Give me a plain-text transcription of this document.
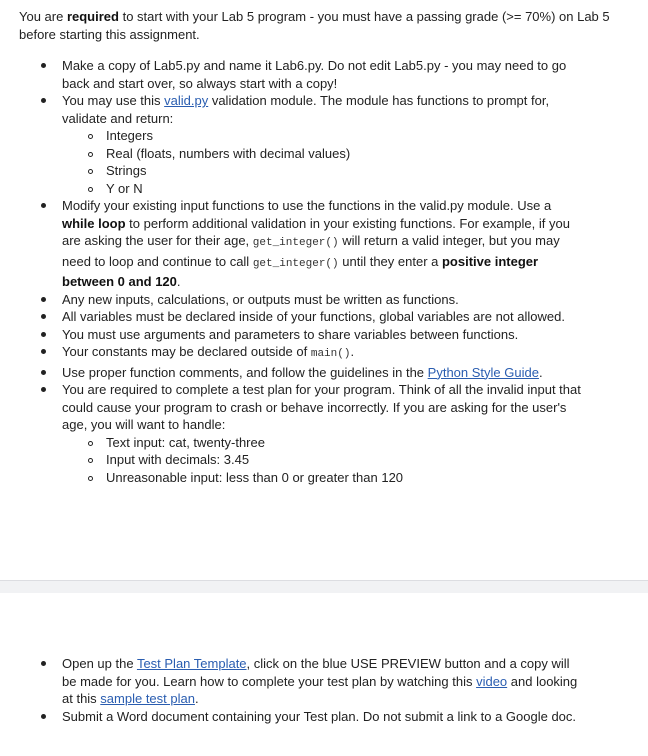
You are required to start with your Lab 5 program - you must have a passing grade (>= 70%) on Lab 5 before starting this assignment.

Make a copy of Lab5.py and name it Lab6.py. Do not edit Lab5.py - you may need to go back and start over, so always start with a copy!
You may use this valid.py validation module. The module has functions to prompt for, validate and return:
Integers
Real (floats, numbers with decimal values)
Strings
Y or N
Modify your existing input functions to use the functions in the valid.py module. Use a while loop to perform additional validation in your existing functions. For example, if you are asking the user for their age, get_integer() will return a valid integer, but you may need to loop and continue to call get_integer() until they enter a positive integer between 0 and 120.
Any new inputs, calculations, or outputs must be written as functions.
All variables must be declared inside of your functions, global variables are not allowed.
You must use arguments and parameters to share variables between functions.
Your constants may be declared outside of main().
Use proper function comments, and follow the guidelines in the Python Style Guide.
You are required to complete a test plan for your program. Think of all the invalid input that could cause your program to crash or behave incorrectly. If you are asking for the user's age, you will want to handle:
Text input: cat, twenty-three
Input with decimals: 3.45
Unreasonable input: less than 0 or greater than 120
Open up the Test Plan Template, click on the blue USE PREVIEW button and a copy will be made for you. Learn how to complete your test plan by watching this video and looking at this sample test plan.
Submit a Word document containing your Test plan. Do not submit a link to a Google doc.
